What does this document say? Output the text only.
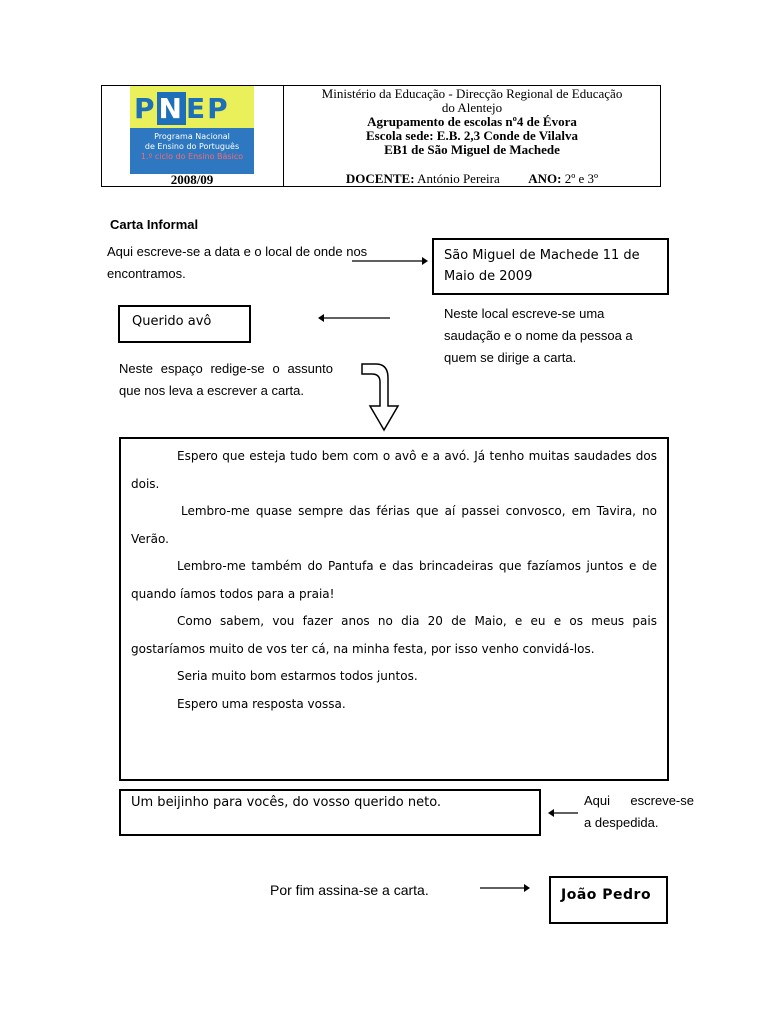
PNEP
Programa Nacional
de Ensino do Português
1.º ciclo do Ensino Básico
2008/09
Ministério da Educação - Direcção Regional de Educação
do Alentejo
Agrupamento de escolas nº4 de Évora
Escola sede: E.B. 2,3 Conde de Vilalva
EB1 de São Miguel de Machede
DOCENTE: António Pereira ANO: 2º e 3º
Carta Informal
Aqui escreve-se a data e o local de onde nos encontramos.
São Miguel de Machede 11 de Maio de 2009
Querido avô
Neste local escreve-se uma saudação e o nome da pessoa a quem se dirige a carta.
Neste espaço redige-se o assunto que nos leva a escrever a carta.

Espero que esteja tudo bem com o avô e a avó. Já tenho muitas saudades dos dois.

Lembro-me quase sempre das férias que aí passei convosco, em Tavira, no Verão.

Lembro-me também do Pantufa e das brincadeiras que fazíamos juntos e de quando íamos todos para a praia!

Como sabem, vou fazer anos no dia 20 de Maio, e eu e os meus pais gostaríamos muito de vos ter cá, na minha festa, por isso venho convidá-los.

Seria muito bom estarmos todos juntos.

Espero uma resposta vossa.

Um beijinho para vocês, do vosso querido neto.	Aqui escreve-se
a despedida.
Por fim assina-se a carta.	João Pedro
